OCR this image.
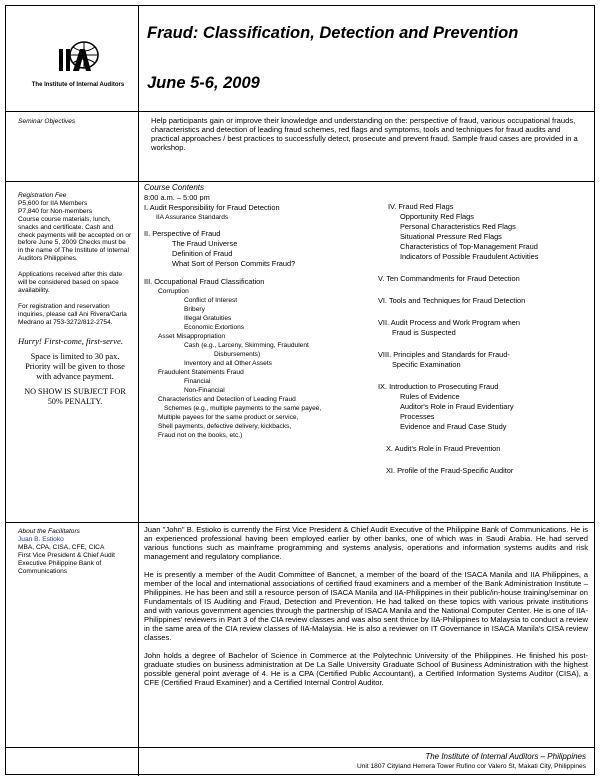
The Institute of Internal Auditors
Fraud: Classification, Detection and Prevention
June 5-6, 2009
Seminar Objectives	Help participants gain or improve their knowledge and understanding on the: perspective of fraud, various occupational frauds, characteristics and detection of leading fraud schemes, red flags and symptoms, tools and techniques for fraud audits and practical approaches / best practices to successfully detect, prosecute and prevent fraud. Sample fraud cases are provided in a workshop.
Registration Fee
P5,600 for IIA Members
P7,840 for Non-members
Course course materials, lunch, snacks and certificate. Cash and check payments will be accepted on or before June 5, 2009 Checks must be in the name of The Institute of Internal Auditors Philippines.
Applications received after this date will be considered based on space availability.
For registration and reservation inquiries, please call Ani Rivera/Carla Medrano at 753-3272/812-2754.
Hurry! First-come, first-serve.
Space is limited to 30 pax. Priority will be given to those with advance payment.
NO SHOW IS SUBJECT FOR 50% PENALTY.
Course Contents
8:00 a.m. – 5:00 pm
I. Audit Responsibility for Fraud Detection
IIA Assurance Standards
II. Perspective of Fraud
The Fraud Universe
Definition of Fraud
What Sort of Person Commits Fraud?
III. Occupational Fraud Classification
Corruption
Conflict of Interest
Bribery
Illegal Gratuities
Economic Extortions
Asset Misappropriation
Cash (e.g., Larceny, Skimming, Fraudulent
Disbursements)
Inventory and all Other Assets
Fraudulent Statements Fraud
Financial
Non-Financial
Characteristics and Detection of Leading Fraud
Schemes (e.g., multiple payments to the same payee,
Multiple payees for the same product or service,
Shell payments, defective delivery, kickbacks,
Fraud not on the books, etc.)
IV. Fraud Red Flags
Opportunity Red Flags
Personal Characteristics Red Flags
Situational Pressure Red Flags
Characteristics of Top-Management Fraud
Indicators of Possible Fraudulent Activities
V. Ten Commandments for Fraud Detection
VI. Tools and Techniques for Fraud Detection
VII. Audit Process and Work Program when
Fraud is Suspected
VIII. Principles and Standards for Fraud-
Specific Examination
IX. Introduction to Prosecuting Fraud
Rules of Evidence
Auditor's Role in Fraud Evidentiary
Processes
Evidence and Fraud Case Study
X. Audit's Role in Fraud Prevention
XI. Profile of the Fraud-Specific Auditor
About the Facilitators
Juan B. Estioko
MBA, CPA, CISA, CFE, CICA
First Vice President & Chief Audit Executive Philippine Bank of Communications
Juan "John" B. Estioko is currently the First Vice President & Chief Audit Executive of the Philippine Bank of Communications. He is an experienced professional having been employed earlier by other banks, one of which was in Saudi Arabia. He had served various functions such as mainframe programming and systems analysis, operations and information systems audits and risk management and regulatory compliance.
He is presently a member of the Audit Committee of Bancnet, a member of the board of the ISACA Manila and IIA Philippines, a member of the local and international associations of certified fraud examiners and a member of the Bank Administration Institute – Philippines. He has been and still a resource person of ISACA Manila and IIA-Philippines in their public/in-house training/seminar on Fundamentals of IS Auditing and Fraud, Detection and Prevention. He had talked on these topics with various private institutions and with various government agencies through the partnership of ISACA Manila and the National Computer Center. He is one of IIA-Philippines' reviewers in Part 3 of the CIA review classes and was also sent thrice by IIA-Philippines to Malaysia to conduct a review in the same area of the CIA review classes of IIA-Malaysia. He is also a reviewer on IT Governance in ISACA Manila's CISA review classes.
John holds a degree of Bachelor of Science in Commerce at the Polytechnic University of the Philippines. He finished his post-graduate studies on business administration at De La Salle University Graduate School of Business Administration with the highest possible general point average of 4. He is a CPA (Certified Public Accountant), a Certified Information Systems Auditor (CISA), a CFE (Certified Fraud Examiner) and a Certified Internal Control Auditor.
The Institute of Internal Auditors – Philippines
Unit 1807 Cityland Herrera Tower Rufino cor Valero St, Makati City, Philippines
